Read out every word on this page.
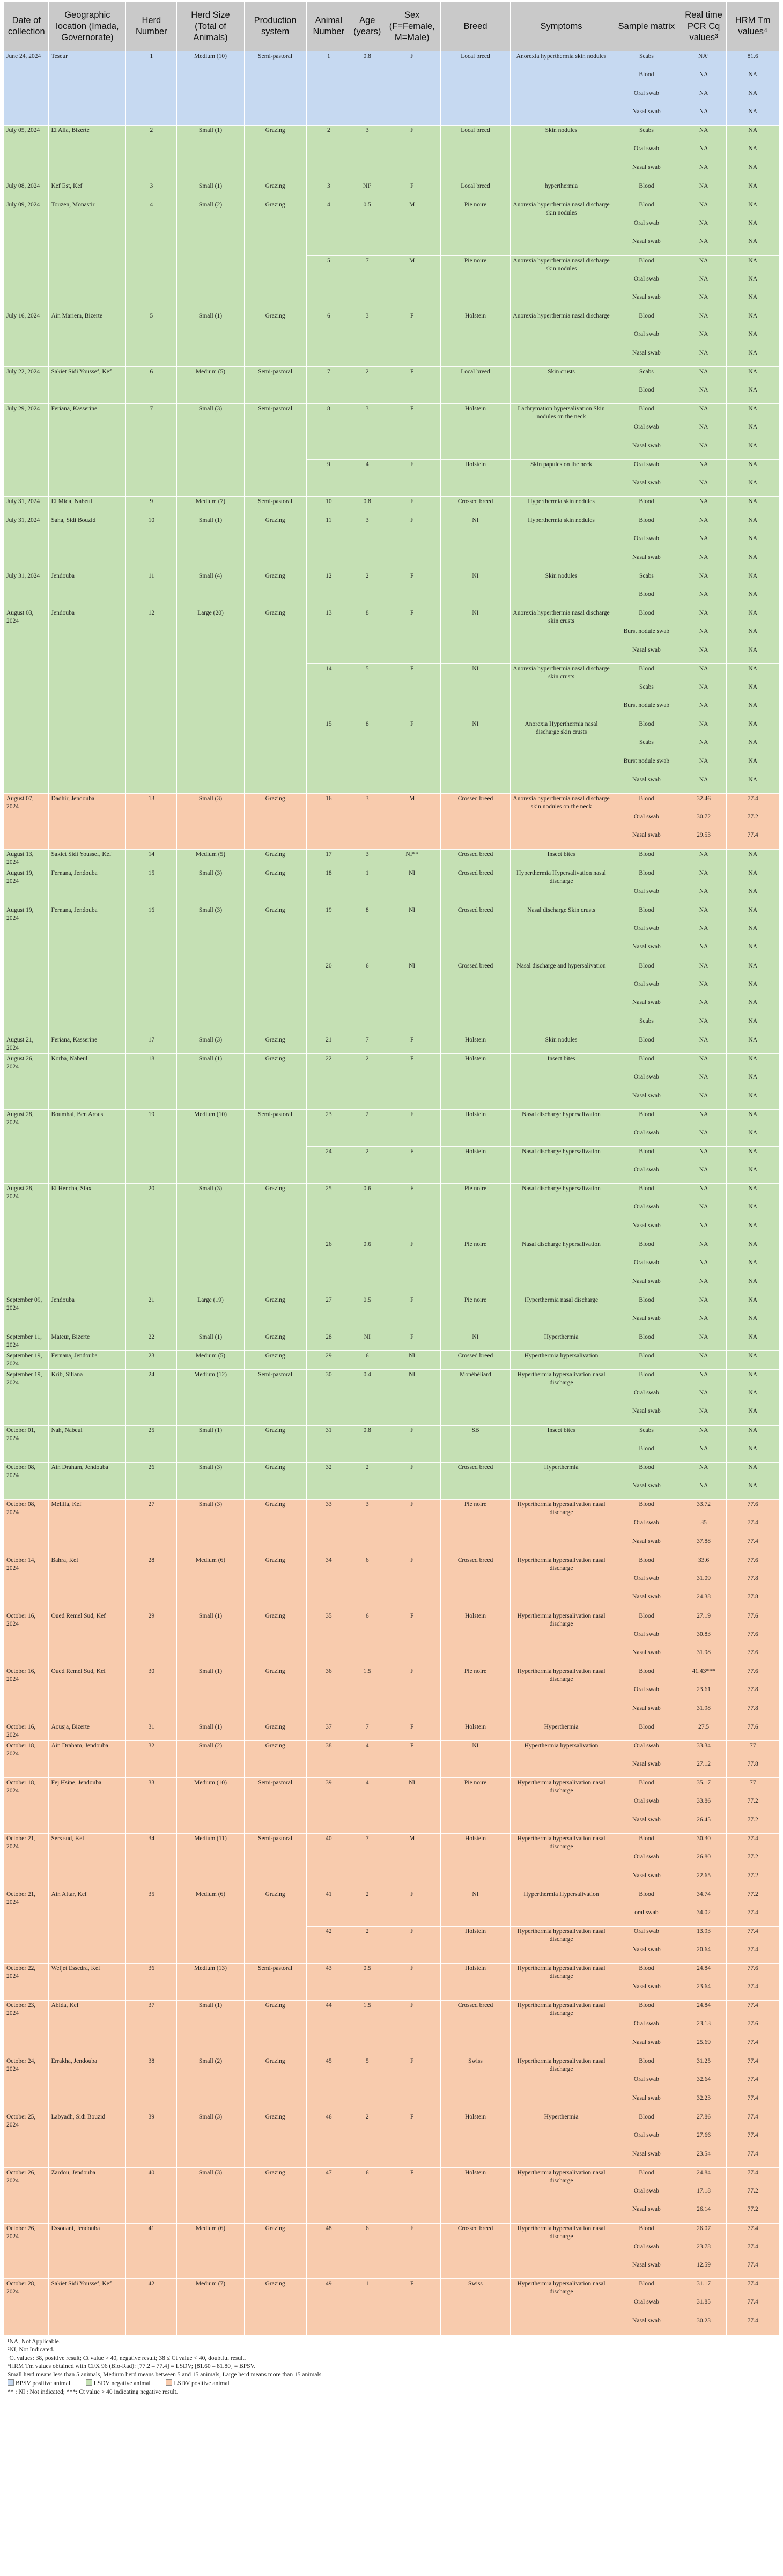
Date of collection	Geographic location (Imada, Governorate)	Herd Number	Herd Size (Total of Animals)	Production system	Animal Number	Age (years)	Sex (F=Female, M=Male)	Breed	Symptoms	Sample matrix	Real time PCR Cq values³	HRM Tm values⁴
June 24, 2024	Teseur	1	Medium (10)	Semi-pastoral	1	0.8	F	Local breed	Anorexia hyperthermia skin nodules	Scabs	NA¹	81.6
										Blood	NA	NA
										Oral swab	NA	NA
										Nasal swab	NA	NA
July 05, 2024	El Alia, Bizerte	2	Small (1)	Grazing	2	3	F	Local breed	Skin nodules	Scabs	NA	NA
										Oral swab	NA	NA
										Nasal swab	NA	NA
July 08, 2024	Kef Est, Kef	3	Small (1)	Grazing	3	NI²	F	Local breed	hyperthermia	Blood	NA	NA
July 09, 2024	Touzen, Monastir	4	Small (2)	Grazing	4	0.5	M	Pie noire	Anorexia hyperthermia nasal discharge skin nodules	Blood	NA	NA
										Oral swab	NA	NA
										Nasal swab	NA	NA
					5	7	M	Pie noire	Anorexia hyperthermia nasal discharge skin nodules	Blood	NA	NA
										Oral swab	NA	NA
										Nasal swab	NA	NA
July 16, 2024	Ain Mariem, Bizerte	5	Small (1)	Grazing	6	3	F	Holstein	Anorexia hyperthermia nasal discharge	Blood	NA	NA
										Oral swab	NA	NA
										Nasal swab	NA	NA
July 22, 2024	Sakiet Sidi Youssef, Kef	6	Medium (5)	Semi-pastoral	7	2	F	Local breed	Skin crusts	Scabs	NA	NA
										Blood	NA	NA
July 29, 2024	Feriana, Kasserine	7	Small (3)	Semi-pastoral	8	3	F	Holstein	Lachrymation hypersalivation Skin nodules on the neck	Blood	NA	NA
										Oral swab	NA	NA
										Nasal swab	NA	NA
					9	4	F	Holstein	Skin papules on the neck	Oral swab	NA	NA
										Nasal swab	NA	NA
July 31, 2024	El Mida, Nabeul	9	Medium (7)	Semi-pastoral	10	0.8	F	Crossed breed	Hyperthermia skin nodules	Blood	NA	NA
July 31, 2024	Saha, Sidi Bouzid	10	Small (1)	Grazing	11	3	F	NI	Hyperthermia skin nodules	Blood	NA	NA
										Oral swab	NA	NA
										Nasal swab	NA	NA
July 31, 2024	Jendouba	11	Small (4)	Grazing	12	2	F	NI	Skin nodules	Scabs	NA	NA
										Blood	NA	NA
August 03, 2024	Jendouba	12	Large (20)	Grazing	13	8	F	NI	Anorexia hyperthermia nasal discharge skin crusts	Blood	NA	NA
										Burst nodule swab	NA	NA
										Nasal swab	NA	NA
					14	5	F	NI	Anorexia hyperthermia nasal discharge skin crusts	Blood	NA	NA
										Scabs	NA	NA
										Burst nodule swab	NA	NA
					15	8	F	NI	Anorexia Hyperthermia nasal discharge skin crusts	Blood	NA	NA
										Scabs	NA	NA
										Burst nodule swab	NA	NA
										Nasal swab	NA	NA
August 07, 2024	Dadhir, Jendouba	13	Small (3)	Grazing	16	3	M	Crossed breed	Anorexia hyperthermia nasal discharge skin nodules on the neck	Blood	32.46	77.4
										Oral swab	30.72	77.2
										Nasal swab	29.53	77.4
August 13, 2024	Sakiet Sidi Youssef, Kef	14	Medium (5)	Grazing	17	3	NI**	Crossed breed	Insect bites	Blood	NA	NA
August 19, 2024	Fernana, Jendouba	15	Small (3)	Grazing	18	1	NI	Crossed breed	Hyperthermia Hypersalivation nasal discharge	Blood	NA	NA
										Oral swab	NA	NA
August 19, 2024	Fernana, Jendouba	16	Small (3)	Grazing	19	8	NI	Crossed breed	Nasal discharge Skin crusts	Blood	NA	NA
										Oral swab	NA	NA
										Nasal swab	NA	NA
					20	6	NI	Crossed breed	Nasal discharge and hypersalivation	Blood	NA	NA
										Oral swab	NA	NA
										Nasal swab	NA	NA
										Scabs	NA	NA
August 21, 2024	Feriana, Kasserine	17	Small (3)	Grazing	21	7	F	Holstein	Skin nodules	Blood	NA	NA
August 26, 2024	Korba, Nabeul	18	Small (1)	Grazing	22	2	F	Holstein	Insect bites	Blood	NA	NA
										Oral swab	NA	NA
										Nasal swab	NA	NA
August 28, 2024	Boumhal, Ben Arous	19	Medium (10)	Semi-pastoral	23	2	F	Holstein	Nasal discharge hypersalivation	Blood	NA	NA
										Oral swab	NA	NA
					24	2	F	Holstein	Nasal discharge hypersalivation	Blood	NA	NA
										Oral swab	NA	NA
August 28, 2024	El Hencha, Sfax	20	Small (3)	Grazing	25	0.6	F	Pie noire	Nasal discharge hypersalivation	Blood	NA	NA
										Oral swab	NA	NA
										Nasal swab	NA	NA
					26	0.6	F	Pie noire	Nasal discharge hypersalivation	Blood	NA	NA
										Oral swab	NA	NA
										Nasal swab	NA	NA
September 09, 2024	Jendouba	21	Large (19)	Grazing	27	0.5	F	Pie noire	Hyperthermia nasal discharge	Blood	NA	NA
										Nasal swab	NA	NA
September 11, 2024	Mateur, Bizerte	22	Small (1)	Grazing	28	NI	F	NI	Hyperthermia	Blood	NA	NA
September 19, 2024	Fernana, Jendouba	23	Medium (5)	Grazing	29	6	NI	Crossed breed	Hyperthermia hypersalivation	Blood	NA	NA
September 19, 2024	Krib, Siliana	24	Medium (12)	Semi-pastoral	30	0.4	NI	Monébéliard	Hyperthermia hypersalivation nasal discharge	Blood	NA	NA
										Oral swab	NA	NA
										Nasal swab	NA	NA
October 01, 2024	Nah, Nabeul	25	Small (1)	Grazing	31	0.8	F	SB	Insect bites	Scabs	NA	NA
										Blood	NA	NA
October 08, 2024	Ain Draham, Jendouba	26	Small (3)	Grazing	32	2	F	Crossed breed	Hyperthermia	Blood	NA	NA
										Nasal swab	NA	NA
October 08, 2024	Mellila, Kef	27	Small (3)	Grazing	33	3	F	Pie noire	Hyperthermia hypersalivation nasal discharge	Blood	33.72	77.6
										Oral swab	35	77.4
										Nasal swab	37.88	77.4
October 14, 2024	Bahra, Kef	28	Medium (6)	Grazing	34	6	F	Crossed breed	Hyperthermia hypersalivation nasal discharge	Blood	33.6	77.6
										Oral swab	31.09	77.8
										Nasal swab	24.38	77.8
October 16, 2024	Oued Remel Sud, Kef	29	Small (1)	Grazing	35	6	F	Holstein	Hyperthermia hypersalivation nasal discharge	Blood	27.19	77.6
										Oral swab	30.83	77.6
										Nasal swab	31.98	77.6
October 16, 2024	Oued Remel Sud, Kef	30	Small (1)	Grazing	36	1.5	F	Pie noire	Hyperthermia hypersalivation nasal discharge	Blood	41.43***	77.6
										Oral swab	23.61	77.8
										Nasal swab	31.98	77.8
October 16, 2024	Aousja, Bizerte	31	Small (1)	Grazing	37	7	F	Holstein	Hyperthermia	Blood	27.5	77.6
October 18, 2024	Ain Draham, Jendouba	32	Small (2)	Grazing	38	4	F	NI	Hyperthermia hypersalivation	Oral swab	33.34	77
										Nasal swab	27.12	77.8
October 18, 2024	Fej Hsine, Jendouba	33	Medium (10)	Semi-pastoral	39	4	NI	Pie noire	Hyperthermia hypersalivation nasal discharge	Blood	35.17	77
										Oral swab	33.86	77.2
										Nasal swab	26.45	77.2
October 21, 2024	Sers sud, Kef	34	Medium (11)	Semi-pastoral	40	7	M	Holstein	Hyperthermia hypersalivation nasal discharge	Blood	30.30	77.4
										Oral swab	26.80	77.2
										Nasal swab	22.65	77.2
October 21, 2024	Ain Aftar, Kef	35	Medium (6)	Grazing	41	2	F	NI	Hyperthermia Hypersalivation	Blood	34.74	77.2
										oral swab	34.02	77.4
					42	2	F	Holstein	Hyperthermia hypersalivation nasal discharge	Oral swab	13.93	77.4
										Nasal swab	20.64	77.4
October 22, 2024	Weljet Essedra, Kef	36	Medium (13)	Semi-pastoral	43	0.5	F	Holstein	Hyperthermia hypersalivation nasal discharge	Blood	24.84	77.6
										Nasal swab	23.64	77.4
October 23, 2024	Abida, Kef	37	Small (1)	Grazing	44	1.5	F	Crossed breed	Hyperthermia hypersalivation nasal discharge	Blood	24.84	77.4
										Oral swab	23.13	77.6
										Nasal swab	25.69	77.4
October 24, 2024	Errakha, Jendouba	38	Small (2)	Grazing	45	5	F	Swiss	Hyperthermia hypersalivation nasal discharge	Blood	31.25	77.4
										Oral swab	32.64	77.4
										Nasal swab	32.23	77.4
October 25, 2024	Labyadh, Sidi Bouzid	39	Small (3)	Grazing	46	2	F	Holstein	Hyperthermia	Blood	27.86	77.4
										Oral swab	27.66	77.4
										Nasal swab	23.54	77.4
October 26, 2024	Zardou, Jendouba	40	Small (3)	Grazing	47	6	F	Holstein	Hyperthermia hypersalivation nasal discharge	Blood	24.84	77.4
										Oral swab	17.18	77.2
										Nasal swab	26.14	77.2
October 26, 2024	Essouani, Jendouba	41	Medium (6)	Grazing	48	6	F	Crossed breed	Hyperthermia hypersalivation nasal discharge	Blood	26.07	77.4
										Oral swab	23.78	77.4
										Nasal swab	12.59	77.4
October 28, 2024	Sakiet Sidi Youssef, Kef	42	Medium (7)	Grazing	49	1	F	Swiss	Hyperthermia hypersalivation nasal discharge	Blood	31.17	77.4
										Oral swab	31.85	77.4
										Nasal swab	30.23	77.4

¹NA, Not Applicable.

²NI, Not Indicated.

³Ct values: 38, positive result; Ct value > 40, negative result; 38 ≤ Ct value < 40, doubtful result.

⁴HRM Tm values obtained with CFX 96 (Bio-Rad): [77.2 – 77.4] = LSDV; [81.60 – 81.80] = BPSV.

Small herd means less than 5 animals, Medium herd means between 5 and 15 animals, Large herd means more than 15 animals.

BPSV positive animal	LSDV negative animal	LSDV positive animal

** : NI : Not indicated; ***: Ct value > 40 indicating negative result.
